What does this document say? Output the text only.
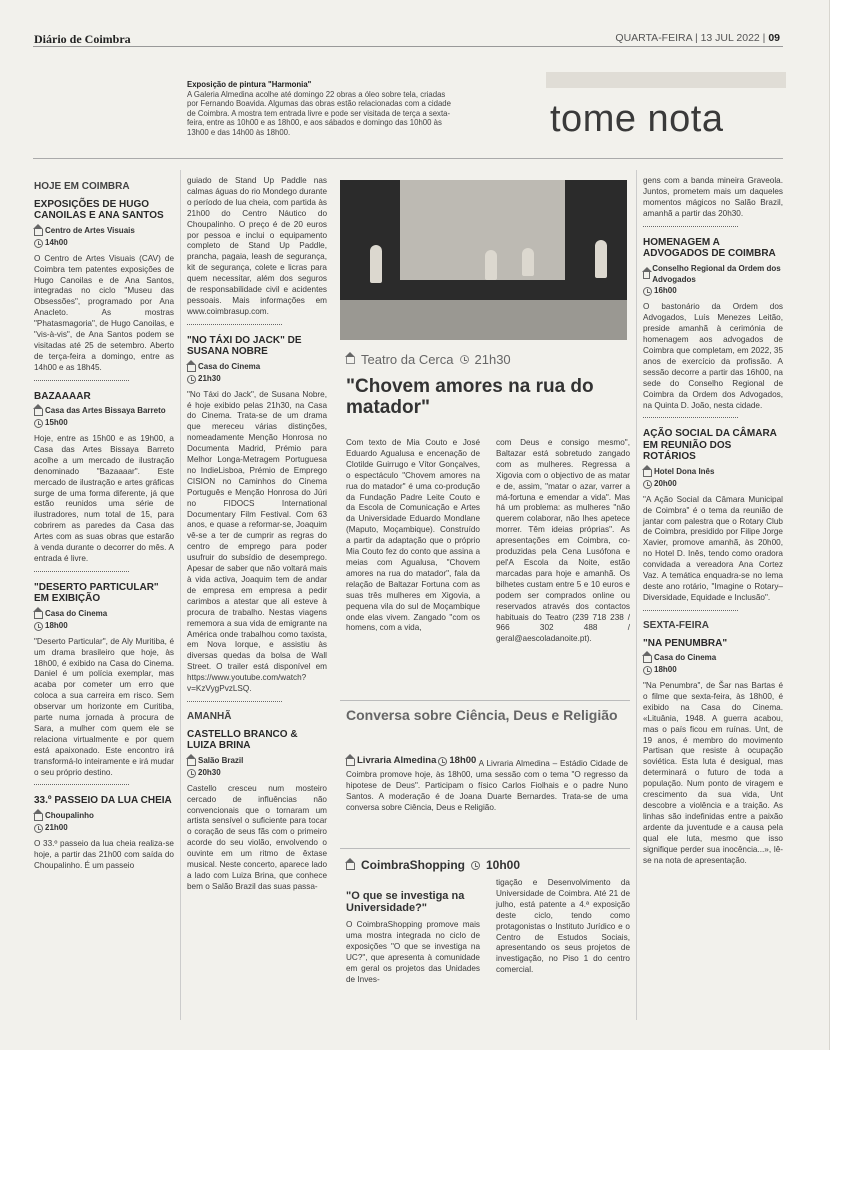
Diário de Coimbra	QUARTA-FEIRA | 13 JUL 2022 | 09
Exposição de pintura "Harmonia"
A Galeria Almedina acolhe até domingo 22 obras a óleo sobre tela, criadas por Fernando Boavida. Algumas das obras estão relacionadas com a cidade de Coimbra. A mostra tem entrada livre e pode ser visitada de terça a sexta-feira, entre as 10h00 e as 18h00, e aos sábados e domingo das 10h00 às 13h00 e das 14h00 às 18h00.	tome nota
HOJE EM COIMBRA
EXPOSIÇÕES DE HUGO CANOILAS E ANA SANTOS
Centro de Artes Visuais
14h00

O Centro de Artes Visuais (CAV) de Coimbra tem patentes exposições de Hugo Canoilas e de Ana Santos, integradas no ciclo "Museu das Obsessões", programado por Ana Anacleto. As mostras "Phatasmagoria", de Hugo Canoilas, e "vis-à-vis", de Ana Santos podem se visitadas até 25 de setembro. Aberto de terça-feira a domingo, entre as 14h00 e as 18h45.

BAZAAAAR
Casa das Artes Bissaya Barreto
15h00

Hoje, entre as 15h00 e as 19h00, a Casa das Artes Bissaya Barreto acolhe a um mercado de ilustração denominado "Bazaaaar". Este mercado de ilustração e artes gráficas surge de uma forma diferente, já que estão reunidos uma série de ilustradores, num total de 15, para cobrirem as paredes da Casa das Artes com as suas obras que estarão à venda durante o decorrer do mês. A entrada é livre.

"DESERTO PARTICULAR" EM EXIBIÇÃO
Casa do Cinema
18h00

"Deserto Particular", de Aly Muritiba, é um drama brasileiro que hoje, às 18h00, é exibido na Casa do Cinema. Daniel é um polícia exemplar, mas acaba por cometer um erro que coloca a sua carreira em risco. Sem observar um horizonte em Curitiba, parte numa jornada à procura de Sara, a mulher com quem ele se relaciona virtualmente e por quem está apaixonado. Este encontro irá transformá-lo inteiramente e irá mudar o seu próprio destino.

33.º PASSEIO DA LUA CHEIA
Choupalinho
21h00

O 33.º passeio da lua cheia realiza-se hoje, a partir das 21h00 com saída do Choupalinho. É um passeio

guiado de Stand Up Paddle nas calmas águas do rio Mondego durante o período de lua cheia, com partida às 21h00 do Centro Náutico do Choupalinho. O preço é de 20 euros por pessoa e inclui o equipamento completo de Stand Up Paddle, prancha, pagaia, leash de segurança, kit de segurança, colete e licras para quem necessitar, além dos seguros de responsabilidade civil e acidentes pessoais. Mais informações em www.coimbrasup.com.

"NO TÁXI DO JACK" DE SUSANA NOBRE
Casa do Cinema
21h30

"No Táxi do Jack", de Susana Nobre, é hoje exibido pelas 21h30, na Casa do Cinema. Trata-se de um drama que mereceu várias distinções, nomeadamente Menção Honrosa no Documenta Madrid, Prémio para Melhor Longa-Metragem Portuguesa no IndieLisboa, Prémio de Emprego CISION no Caminhos do Cinema Português e Menção Honrosa do Júri no FIDOCS International Documentary Film Festival. Com 63 anos, e quase a reformar-se, Joaquim vê-se a ter de cumprir as regras do centro de emprego para poder usufruir do subsídio de desemprego. Apesar de saber que não voltará mais à vida activa, Joaquim tem de andar de empresa em empresa a pedir carimbos a atestar que ali esteve à procura de trabalho. Nestas viagens rememora a sua vida de emigrante na América onde trabalhou como taxista, em Nova Iorque, e assistiu às diversas quedas da bolsa de Wall Street. O trailer está disponível em https://www.youtube.com/watch?v=KzVygPvzLSQ.

AMANHÃ
CASTELLO BRANCO & LUIZA BRINA
Salão Brazil
20h30

Castello cresceu num mosteiro cercado de influências não convencionais que o tornaram um artista sensível o suficiente para tocar o coração de seus fãs com o primeiro acorde do seu violão, envolvendo o ouvinte em um ritmo de êxtase musical. Neste concerto, aparece lado a lado com Luiza Brina, que conhece bem o Salão Brazil das suas passa-

Teatro da Cerca 21h30
"Chovem amores na rua do matador"
Com texto de Mia Couto e José Eduardo Agualusa e encenação de Clotilde Guirrugo e Vítor Gonçalves, o espectáculo "Chovem amores na rua do matador" é uma co-produção da Fundação Padre Leite Couto e da Escola de Comunicação e Artes da Universidade Eduardo Mondlane (Maputo, Moçambique). Construído a partir da adaptação que o próprio Mia Couto fez do conto que assina a meias com Agualusa, "Chovem amores na rua do matador", fala da relação de Baltazar Fortuna com as suas três mulheres em Xigovia, a pequena vila do sul de Moçambique onde elas vivem. Zangado "com os homens, com a vida,
com Deus e consigo mesmo", Baltazar está sobretudo zangado com as mulheres. Regressa a Xigovia com o objectivo de as matar e de, assim, "matar o azar, varrer a má-fortuna e emendar a vida". Mas há um problema: as mulheres "não querem colaborar, não lhes apetece morrer. Têm ideias próprias". As apresentações em Coimbra, co-produzidas pela Cena Lusófona e pel'A Escola da Noite, estão marcadas para hoje e amanhã. Os bilhetes custam entre 5 e 10 euros e podem ser comprados online ou reservados através dos contactos habituais do Teatro (239 718 238 / 966 302 488 / geral@aescoladanoite.pt).
Conversa sobre Ciência, Deus e Religião
Livraria Almedina 18h00 A Livraria Almedina – Estádio Cidade de Coimbra promove hoje, às 18h00, uma sessão com o tema "O regresso da hipotese de Deus". Participam o físico Carlos Fiolhais e o padre Nuno Santos. A moderação é de Joana Duarte Bernardes. Trata-se de uma conversa sobre Ciência, Deus e Religião.
CoimbraShopping 10h00
"O que se investiga na Universidade?"
O CoimbraShopping promove mais uma mostra integrada no ciclo de exposições "O que se investiga na UC?", que apresenta à comunidade em geral os projetos das Unidades de Inves-
tigação e Desenvolvimento da Universidade de Coimbra. Até 21 de julho, está patente a 4.ª exposição deste ciclo, tendo como protagonistas o Instituto Jurídico e o Centro de Estudos Sociais, apresentando os seus projetos de investigação, no Piso 1 do centro comercial.

gens com a banda mineira Graveola. Juntos, prometem mais um daqueles momentos mágicos no Salão Brazil, amanhã a partir das 20h30.

HOMENAGEM A ADVOGADOS DE COIMBRA
Conselho Regional da Ordem dos Advogados
16h00

O bastonário da Ordem dos Advogados, Luís Menezes Leitão, preside amanhã à cerimónia de homenagem aos advogados de Coimbra que completam, em 2022, 35 anos de exercício da profissão. A sessão decorre a partir das 16h00, na sede do Conselho Regional de Coimbra da Ordem dos Advogados, na Quinta D. João, nesta cidade.

AÇÃO SOCIAL DA CÂMARA EM REUNIÃO DOS ROTÁRIOS
Hotel Dona Inês
20h00

"A Ação Social da Câmara Municipal de Coimbra" é o tema da reunião de jantar com palestra que o Rotary Club de Coimbra, presidido por Filipe Jorge Xavier, promove amanhã, às 20h00, no Hotel D. Inês, tendo como oradora convidada a vereadora Ana Cortez Vaz. A temática enquadra-se no lema deste ano rotário, "Imagine o Rotary–Diversidade, Equidade e Inclusão".

SEXTA-FEIRA
"NA PENUMBRA"
Casa do Cinema
18h00

"Na Penumbra", de Šar nas Bartas é o filme que sexta-feira, às 18h00, é exibido na Casa do Cinema. «Lituânia, 1948. A guerra acabou, mas o país ficou em ruínas. Unt, de 19 anos, é membro do movimento Partisan que resiste à ocupação soviética. Esta luta é desigual, mas determinará o futuro de toda a população. Num ponto de viragem e crescimento da sua vida, Unt descobre a violência e a traição. As linhas são indefinidas entre a paixão ardente da juventude e a causa pela qual ele luta, mesmo que isso signifique perder sua inocência...», lê-se na nota de apresentação.
